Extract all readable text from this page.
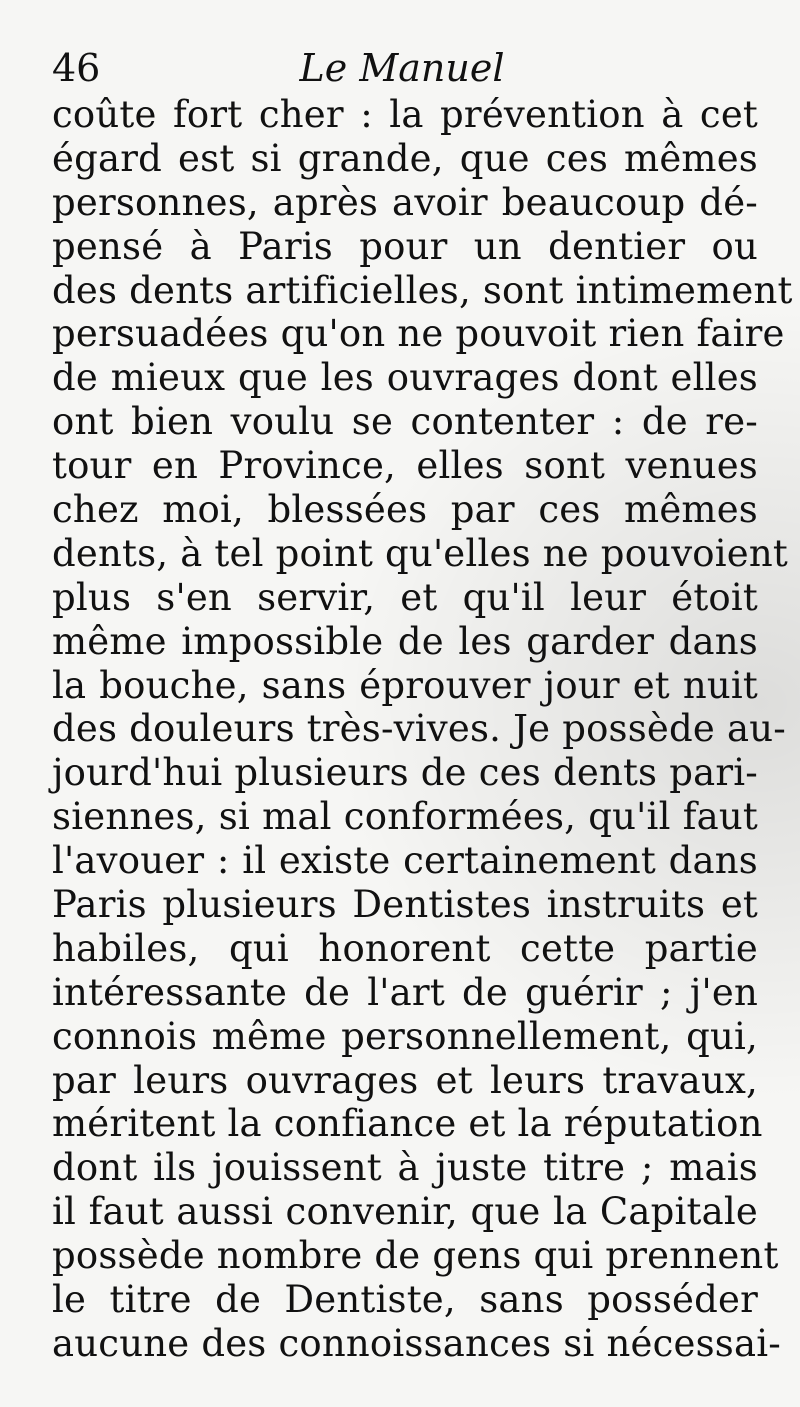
46	Le Manuel
coûte fort cher : la prévention à cet
égard est si grande, que ces mêmes
personnes, après avoir beaucoup dé-
pensé à Paris pour un dentier ou
des dents artificielles, sont intimement
persuadées qu'on ne pouvoit rien faire
de mieux que les ouvrages dont elles
ont bien voulu se contenter : de re-
tour en Province, elles sont venues
chez moi, blessées par ces mêmes
dents, à tel point qu'elles ne pouvoient
plus s'en servir, et qu'il leur étoit
même impossible de les garder dans
la bouche, sans éprouver jour et nuit
des douleurs très-vives. Je possède au-
jourd'hui plusieurs de ces dents pari-
siennes, si mal conformées, qu'il faut
l'avouer : il existe certainement dans
Paris plusieurs Dentistes instruits et
habiles, qui honorent cette partie
intéressante de l'art de guérir ; j'en
connois même personnellement, qui,
par leurs ouvrages et leurs travaux,
méritent la confiance et la réputation
dont ils jouissent à juste titre ; mais
il faut aussi convenir, que la Capitale
possède nombre de gens qui prennent
le titre de Dentiste, sans posséder
aucune des connoissances si nécessai-
